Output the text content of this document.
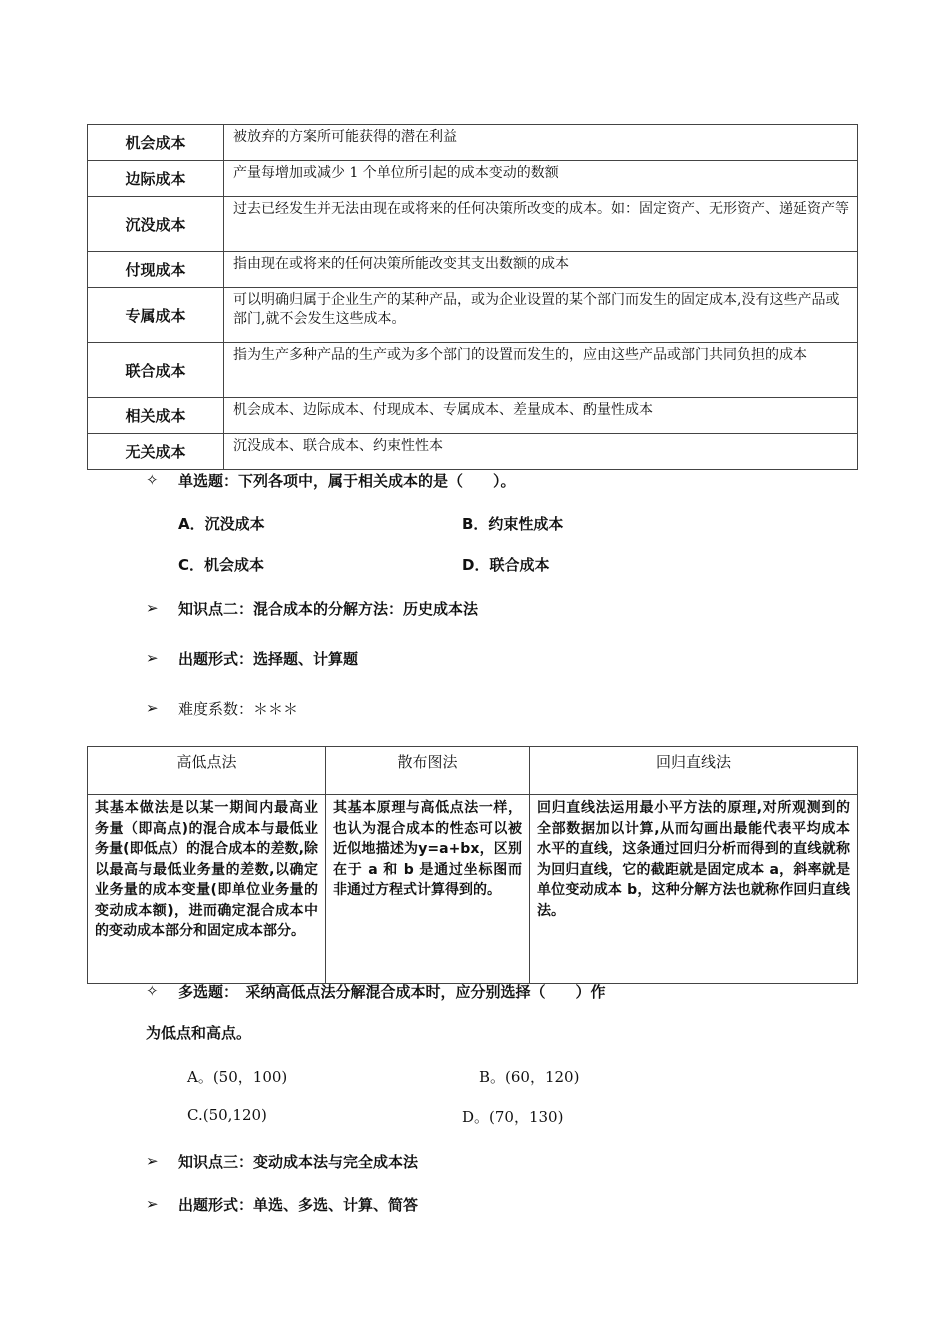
机会成本	被放弃的方案所可能获得的潜在利益
边际成本	产量每增加或减少 1 个单位所引起的成本变动的数额
沉没成本	过去已经发生并无法由现在或将来的任何决策所改变的成本。如：固定资产、无形资产、递延资产等
付现成本	指由现在或将来的任何决策所能改变其支出数额的成本
专属成本	可以明确归属于企业生产的某种产品，或为企业设置的某个部门而发生的固定成本,没有这些产品或部门,就不会发生这些成本。
联合成本	指为生产多种产品的生产或为多个部门的设置而发生的，应由这些产品或部门共同负担的成本
相关成本	机会成本、边际成本、付现成本、专属成本、差量成本、酌量性成本
无关成本	沉没成本、联合成本、约束性性本
✧ 单选题：下列各项中，属于相关成本的是（　　）。
A．沉没成本	B．约束性成本
C．机会成本	D．联合成本
➢ 知识点二：混合成本的分解方法：历史成本法
➢ 出题形式：选择题、计算题
➢ 难度系数：＊＊＊
高低点法	散布图法	回归直线法
其基本做法是以某一期间内最高业务量（即高点)的混合成本与最低业务量(即低点）的混合成本的差数,除以最高与最低业务量的差数,以确定业务量的成本变量(即单位业务量的变动成本额)，进而确定混合成本中的变动成本部分和固定成本部分。	其基本原理与高低点法一样，也认为混合成本的性态可以被近似地描述为y=a+bx，区别在于 a 和 b 是通过坐标图而非通过方程式计算得到的。	回归直线法运用最小平方法的原理,对所观测到的全部数据加以计算,从而勾画出最能代表平均成本水平的直线，这条通过回归分析而得到的直线就称为回归直线，它的截距就是固定成本 a，斜率就是单位变动成本 b，这种分解方法也就称作回归直线法。
✧ 多选题：　采纳高低点法分解混合成本时，应分别选择（　　）作
为低点和高点。
A。(50，100)	B。(60，120)
C.(50,120)	D。(70，130)
➢ 知识点三：变动成本法与完全成本法
➢ 出题形式：单选、多选、计算、简答
